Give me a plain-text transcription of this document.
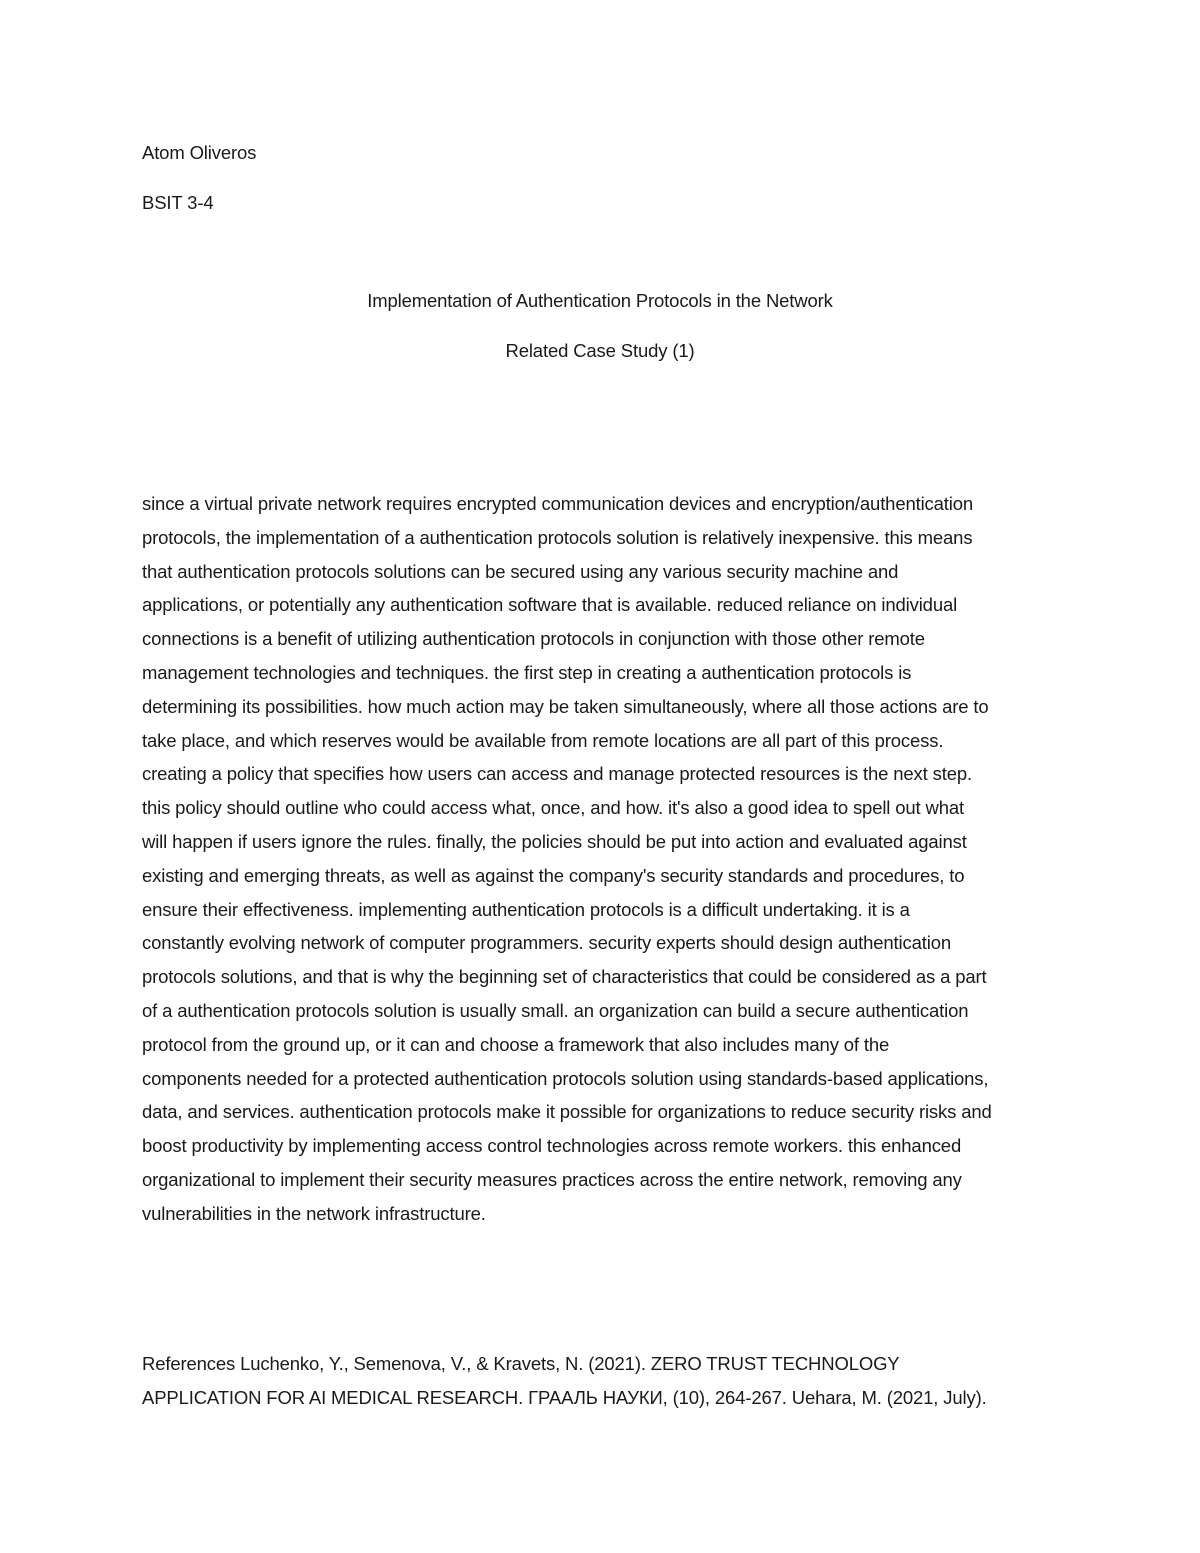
Atom Oliveros
BSIT 3-4
Implementation of Authentication Protocols in the Network
Related Case Study (1)
since a virtual private network requires encrypted communication devices and encryption/authentication
protocols, the implementation of a authentication protocols solution is relatively inexpensive. this means
that authentication protocols solutions can be secured using any various security machine and
applications, or potentially any authentication software that is available. reduced reliance on individual
connections is a benefit of utilizing authentication protocols in conjunction with those other remote
management technologies and techniques. the first step in creating a authentication protocols is
determining its possibilities. how much action may be taken simultaneously, where all those actions are to
take place, and which reserves would be available from remote locations are all part of this process.
creating a policy that specifies how users can access and manage protected resources is the next step.
this policy should outline who could access what, once, and how. it's also a good idea to spell out what
will happen if users ignore the rules. finally, the policies should be put into action and evaluated against
existing and emerging threats, as well as against the company's security standards and procedures, to
ensure their effectiveness. implementing authentication protocols is a difficult undertaking. it is a
constantly evolving network of computer programmers. security experts should design authentication
protocols solutions, and that is why the beginning set of characteristics that could be considered as a part
of a authentication protocols solution is usually small. an organization can build a secure authentication
protocol from the ground up, or it can and choose a framework that also includes many of the
components needed for a protected authentication protocols solution using standards-based applications,
data, and services. authentication protocols make it possible for organizations to reduce security risks and
boost productivity by implementing access control technologies across remote workers. this enhanced
organizational to implement their security measures practices across the entire network, removing any
vulnerabilities in the network infrastructure.
References Luchenko, Y., Semenova, V., & Kravets, N. (2021). ZERO TRUST TECHNOLOGY
APPLICATION FOR AI MEDICAL RESEARCH. ГРААЛЬ НАУКИ, (10), 264-267. Uehara, M. (2021, July).
